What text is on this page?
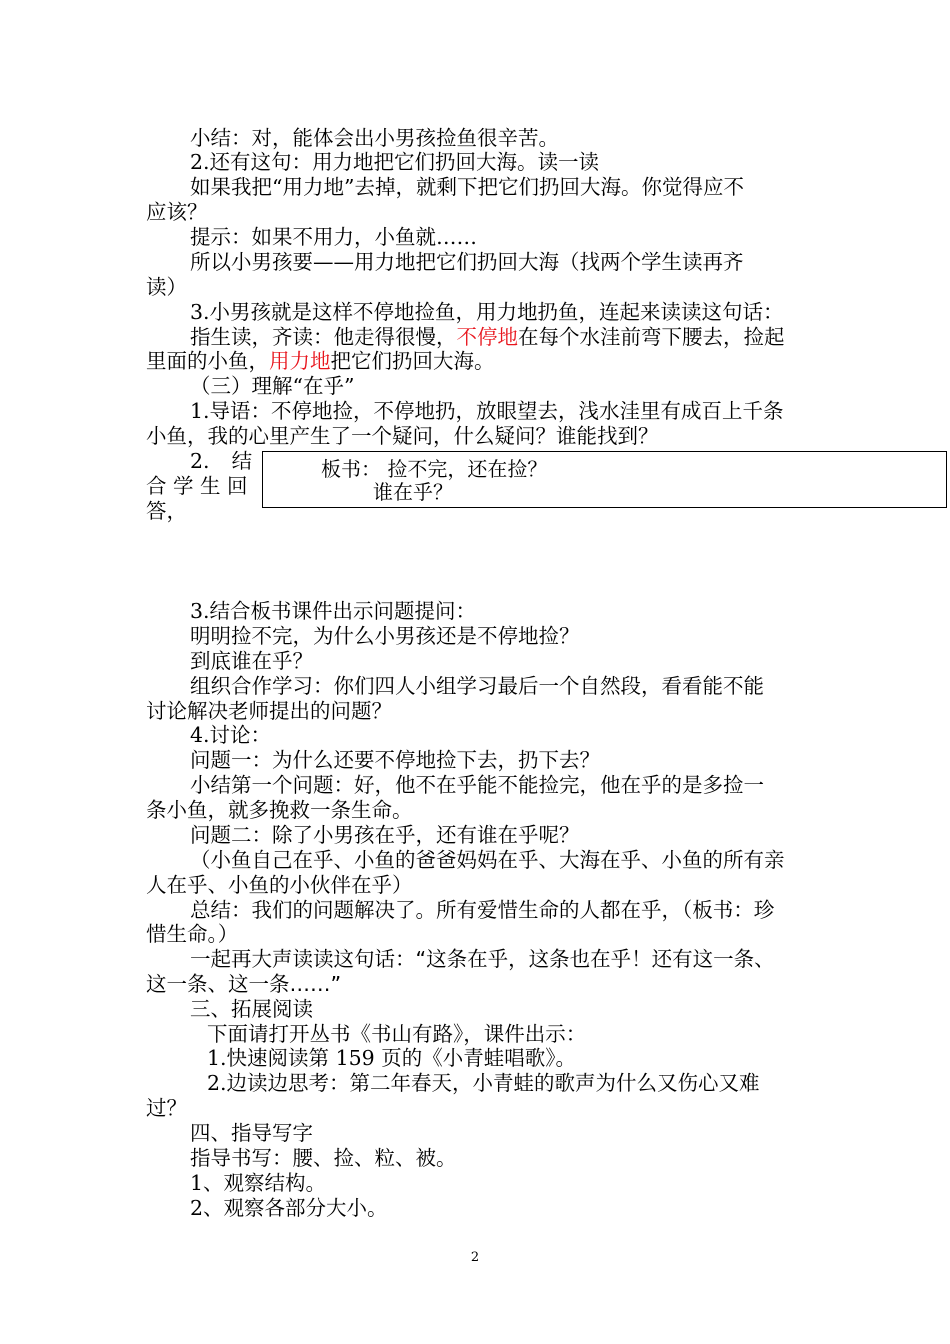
小结：对，能体会出小男孩捡鱼很辛苦。
2.还有这句：用力地把它们扔回大海。读一读
如果我把“用力地”去掉，就剩下把它们扔回大海。你觉得应不
应该？
提示：如果不用力，小鱼就……
所以小男孩要——用力地把它们扔回大海（找两个学生读再齐
读）
3.小男孩就是这样不停地捡鱼，用力地扔鱼，连起来读读这句话：
指生读，齐读：他走得很慢，不停地在每个水洼前弯下腰去，捡起
里面的小鱼，用力地把它们扔回大海。
（三）理解“在乎”
1.导语：不停地捡，不停地扔，放眼望去，浅水洼里有成百上千条
小鱼，我的心里产生了一个疑问，什么疑问？谁能找到？
2. 结
合 学 生 回
答，
板书： 捡不完，还在捡？
谁在乎？
3.结合板书课件出示问题提问：
明明捡不完，为什么小男孩还是不停地捡？
到底谁在乎？
组织合作学习：你们四人小组学习最后一个自然段，看看能不能
讨论解决老师提出的问题？
4.讨论：
问题一：为什么还要不停地捡下去，扔下去？
小结第一个问题：好，他不在乎能不能捡完，他在乎的是多捡一
条小鱼，就多挽救一条生命。
问题二：除了小男孩在乎，还有谁在乎呢？
（小鱼自己在乎、小鱼的爸爸妈妈在乎、大海在乎、小鱼的所有亲
人在乎、小鱼的小伙伴在乎）
总结：我们的问题解决了。所有爱惜生命的人都在乎，（板书：珍
惜生命。）
一起再大声读读这句话：“这条在乎，这条也在乎！还有这一条、
这一条、这一条……”
三、拓展阅读
下面请打开丛书《书山有路》，课件出示：
1.快速阅读第 159 页的《小青蛙唱歌》。
2.边读边思考：第二年春天，小青蛙的歌声为什么又伤心又难
过？
四、指导写字
指导书写：腰、捡、粒、被。
1、观察结构。
2、观察各部分大小。
2
